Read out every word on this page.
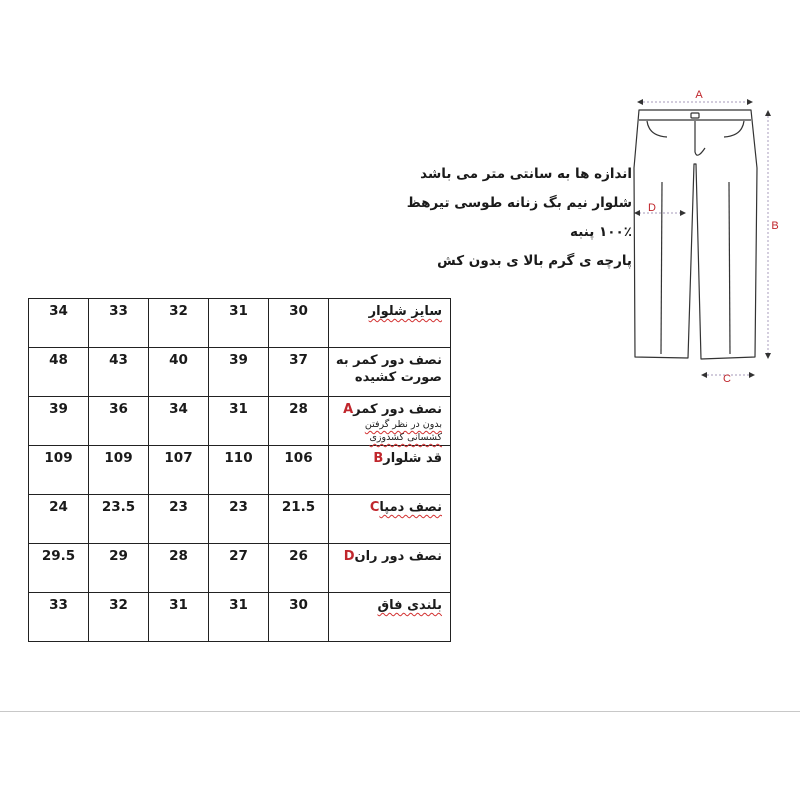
اندازه ها به سانتی متر می باشد
شلوار نیم بگ زنانه طوسی تیرهظ
۱۰۰٪ پنبه
پارچه ی گرم بالا ی بدون کش
34	33	32	31	30	سایز شلوار

48	43	40	39	37	نصف دور کمر به صورت کشیده

39	36	34	31	28	نصف دور کمرA
بدون در نظر گرفتن کشسانی کشدوزی

109	109	107	110	106	قد شلوارB

24	23.5	23	23	21.5	نصف دمپاC

29.5	29	28	27	26	نصف دور رانD

33	32	31	31	30	بلندی فاق
A
B
C
D
